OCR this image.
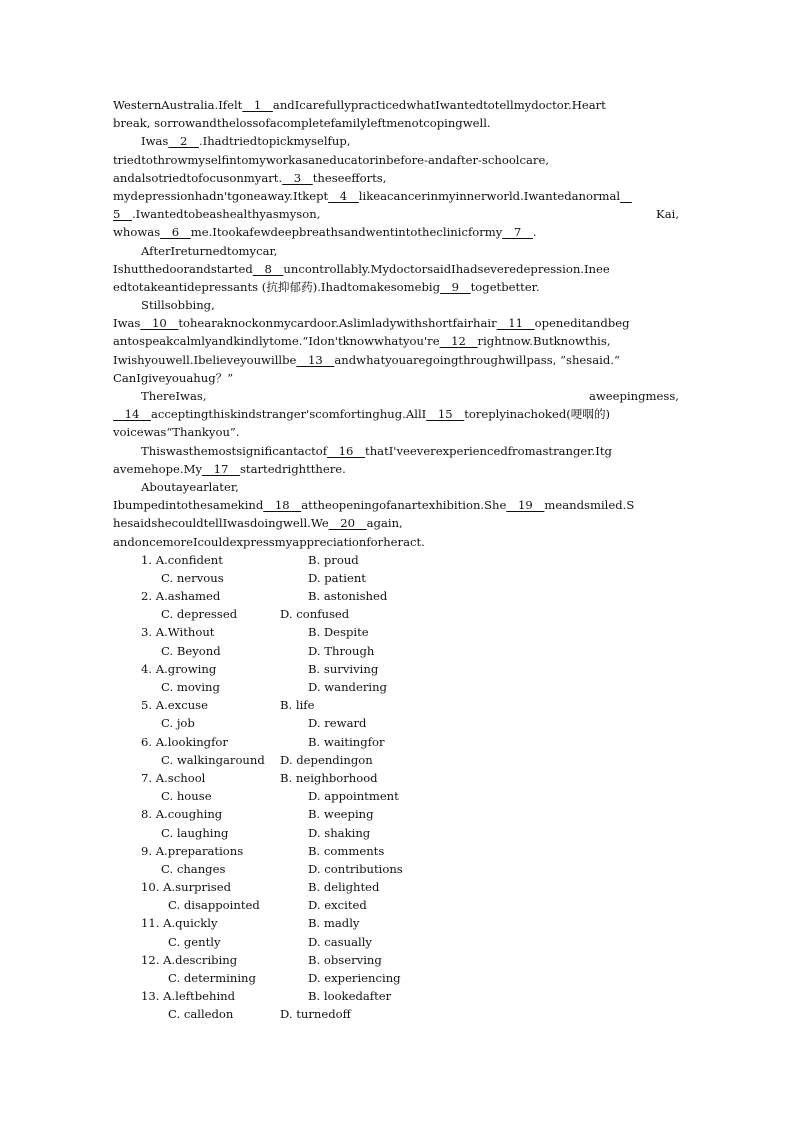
WesternAustralia.Ifelt__1__andIcarefullypracticedwhatIwantedtotellmydoctor.Heart
break, sorrowandthelossofacompletefamilyleftmenotcopingwell.
Iwas__2__.Ihadtriedtopickmyselfup,
triedtothrowmyselfintomyworkasaneducatorinbefore-andafter-schoolcare,
andalsotriedtofocusonmyart.__3__theseefforts,
mydepressionhadn'tgoneaway.Itkept__4__likeacancerinmyinnerworld.Iwantedanormal__
5__.Iwantedtobeashealthyasmyson,	Kai,
whowas__6__me.Itookafewdeepbreathsandwentintotheclinicformy__7__.
AfterIreturnedtomycar,
Ishutthedoorandstarted__8__uncontrollably.MydoctorsaidIhadseveredepression.Inee
edtotakeantidepressants (抗抑郁药).Ihadtomakesomebig__9__togetbetter.
Stillsobbing,
Iwas__10__tohearaknockonmycardoor.Aslimladywithshortfairhair__11__openeditandbeg
antospeakcalmlyandkindlytome.“Idon'tknowwhatyou're__12__rightnow.Butknowthis,
Iwishyouwell.Ibelieveyouwillbe__13__andwhatyouaregoingthroughwillpass, ”shesaid.“
CanIgiveyouahug？”
ThereIwas,	aweepingmess,
__14__acceptingthiskindstranger'scomfortinghug.AllI__15__toreplyinachoked(哽咽的)
voicewas“Thankyou”.
Thiswasthemostsignificantactof__16__thatI'veeverexperiencedfromastranger.Itg
avemehope.My__17__startedrightthere.
Aboutayearlater,
Ibumpedintothesamekind__18__attheopeningofanartexhibition.She__19__meandsmiled.S
hesaidshecouldtellIwasdoingwell.We__20__again,
andoncemoreIcouldexpressmyappreciationforheract.
1. A.confident	B. proud
C. nervous	D. patient
2. A.ashamed	B. astonished
C. depressed	D. confused
3. A.Without	B. Despite
C. Beyond	D. Through
4. A.growing	B. surviving
C. moving	D. wandering
5. A.excuse	B. life
C. job	D. reward
6. A.lookingfor	B. waitingfor
C. walkingaround D. dependingon
7. A.school	B. neighborhood
C. house	D. appointment
8. A.coughing	B. weeping
C. laughing	D. shaking
9. A.preparations	B. comments
C. changes	D. contributions
10. A.surprised	B. delighted
C. disappointed	D. excited
11. A.quickly	B. madly
C. gently	D. casually
12. A.describing	B. observing
C. determining	D. experiencing
13. A.leftbehind	B. lookedafter
C. calledon	D. turnedoff
